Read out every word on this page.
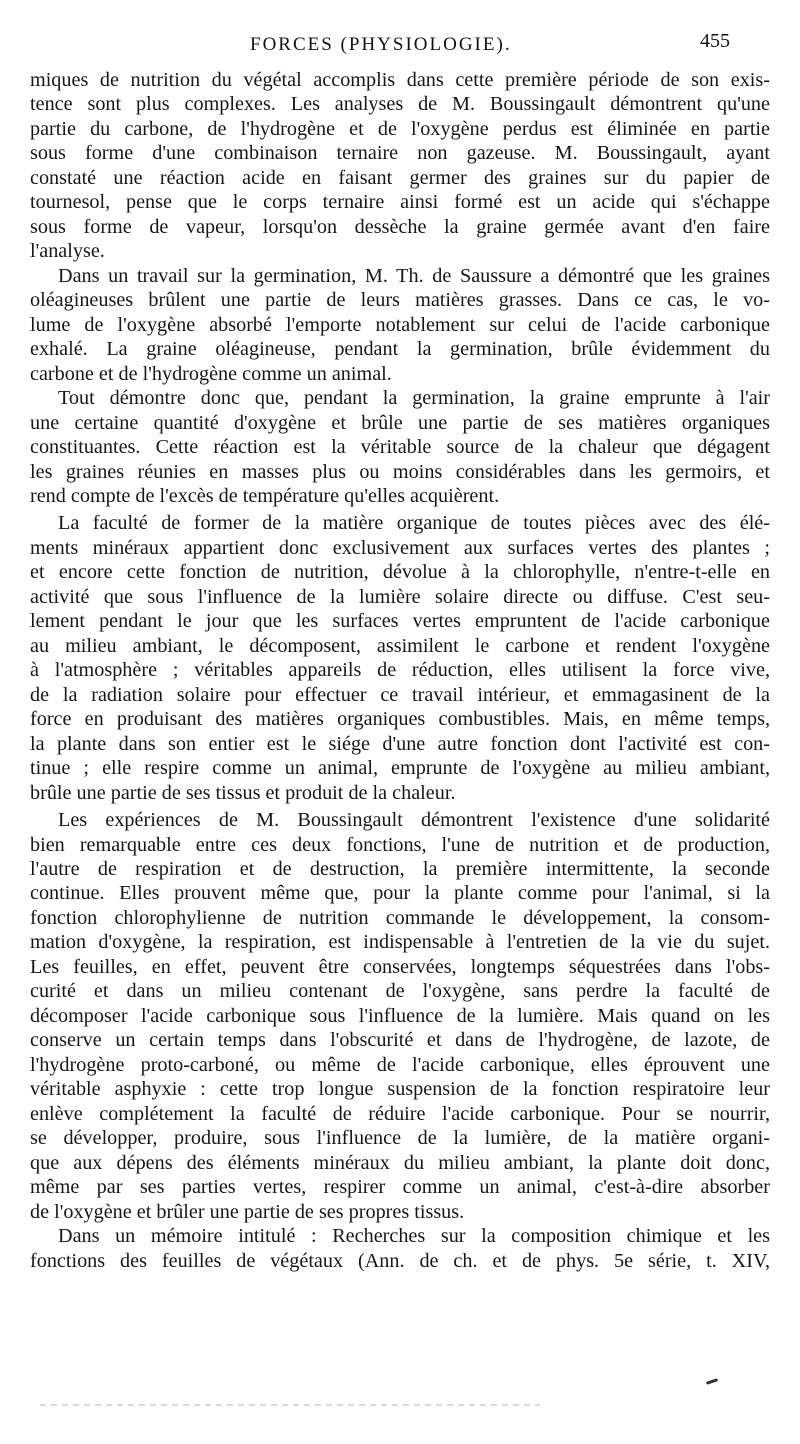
FORCES (PHYSIOLOGIE).	455
miques de nutrition du végétal accomplis dans cette première période de son exis-
tence sont plus complexes. Les analyses de M. Boussingault démontrent qu'une
partie du carbone, de l'hydrogène et de l'oxygène perdus est éliminée en partie
sous forme d'une combinaison ternaire non gazeuse. M. Boussingault, ayant
constaté une réaction acide en faisant germer des graines sur du papier de
tournesol, pense que le corps ternaire ainsi formé est un acide qui s'échappe
sous forme de vapeur, lorsqu'on dessèche la graine germée avant d'en faire
l'analyse.
Dans un travail sur la germination, M. Th. de Saussure a démontré que les graines
oléagineuses brûlent une partie de leurs matières grasses. Dans ce cas, le vo-
lume de l'oxygène absorbé l'emporte notablement sur celui de l'acide carbonique
exhalé. La graine oléagineuse, pendant la germination, brûle évidemment du
carbone et de l'hydrogène comme un animal.
Tout démontre donc que, pendant la germination, la graine emprunte à l'air
une certaine quantité d'oxygène et brûle une partie de ses matières organiques
constituantes. Cette réaction est la véritable source de la chaleur que dégagent
les graines réunies en masses plus ou moins considérables dans les germoirs, et
rend compte de l'excès de température qu'elles acquièrent.
La faculté de former de la matière organique de toutes pièces avec des élé-
ments minéraux appartient donc exclusivement aux surfaces vertes des plantes ;
et encore cette fonction de nutrition, dévolue à la chlorophylle, n'entre-t-elle en
activité que sous l'influence de la lumière solaire directe ou diffuse. C'est seu-
lement pendant le jour que les surfaces vertes empruntent de l'acide carbonique
au milieu ambiant, le décomposent, assimilent le carbone et rendent l'oxygène
à l'atmosphère ; véritables appareils de réduction, elles utilisent la force vive,
de la radiation solaire pour effectuer ce travail intérieur, et emmagasinent de la
force en produisant des matières organiques combustibles. Mais, en même temps,
la plante dans son entier est le siége d'une autre fonction dont l'activité est con-
tinue ; elle respire comme un animal, emprunte de l'oxygène au milieu ambiant,
brûle une partie de ses tissus et produit de la chaleur.
Les expériences de M. Boussingault démontrent l'existence d'une solidarité
bien remarquable entre ces deux fonctions, l'une de nutrition et de production,
l'autre de respiration et de destruction, la première intermittente, la seconde
continue. Elles prouvent même que, pour la plante comme pour l'animal, si la
fonction chlorophylienne de nutrition commande le développement, la consom-
mation d'oxygène, la respiration, est indispensable à l'entretien de la vie du sujet.
Les feuilles, en effet, peuvent être conservées, longtemps séquestrées dans l'obs-
curité et dans un milieu contenant de l'oxygène, sans perdre la faculté de
décomposer l'acide carbonique sous l'influence de la lumière. Mais quand on les
conserve un certain temps dans l'obscurité et dans de l'hydrogène, de lazote, de
l'hydrogène proto-carboné, ou même de l'acide carbonique, elles éprouvent une
véritable asphyxie : cette trop longue suspension de la fonction respiratoire leur
enlève complétement la faculté de réduire l'acide carbonique. Pour se nourrir,
se développer, produire, sous l'influence de la lumière, de la matière organi-
que aux dépens des éléments minéraux du milieu ambiant, la plante doit donc,
même par ses parties vertes, respirer comme un animal, c'est-à-dire absorber
de l'oxygène et brûler une partie de ses propres tissus.
Dans un mémoire intitulé : Recherches sur la composition chimique et les
fonctions des feuilles de végétaux (Ann. de ch. et de phys. 5e série, t. XIV,
